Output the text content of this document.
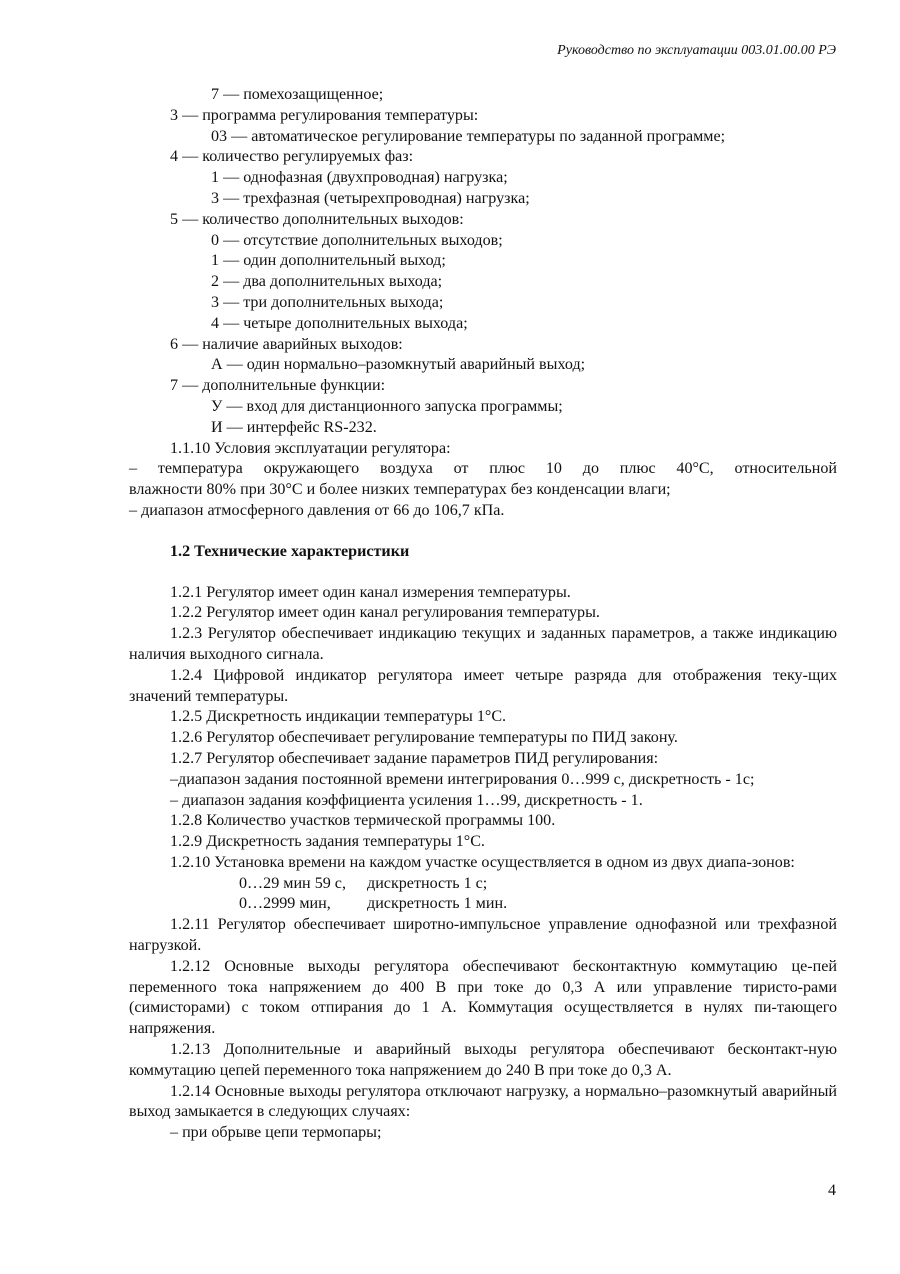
Руководство по эксплуатации 003.01.00.00 РЭ

7 — помехозащищенное;

3 — программа регулирования температуры:

03 — автоматическое регулирование температуры по заданной программе;

4 — количество регулируемых фаз:

1 — однофазная (двухпроводная) нагрузка;

3 — трехфазная (четырехпроводная) нагрузка;

5 — количество дополнительных выходов:

0 — отсутствие дополнительных выходов;

1 — один дополнительный выход;

2 — два дополнительных выхода;

3 — три дополнительных выхода;

4 — четыре дополнительных выхода;

6 — наличие аварийных выходов:

А — один нормально–разомкнутый аварийный выход;

7 — дополнительные функции:

У — вход для дистанционного запуска программы;

И — интерфейс RS-232.

1.1.10 Условия эксплуатации регулятора:

– температура окружающего воздуха от плюс 10 до плюс 40°С, относительной

влажности 80% при 30°С и более низких температурах без конденсации влаги;

– диапазон атмосферного давления от 66 до 106,7 кПа.

1.2 Технические характеристики

1.2.1 Регулятор имеет один канал измерения температуры.

1.2.2 Регулятор имеет один канал регулирования температуры.

1.2.3 Регулятор обеспечивает индикацию текущих и заданных параметров, а также индикацию наличия выходного сигнала.

1.2.4 Цифровой индикатор регулятора имеет четыре разряда для отображения теку-щих значений температуры.

1.2.5 Дискретность индикации температуры 1°С.

1.2.6 Регулятор обеспечивает регулирование температуры по ПИД закону.

1.2.7 Регулятор обеспечивает задание параметров ПИД регулирования:

–диапазон задания постоянной времени интегрирования 0…999 с, дискретность - 1с;

– диапазон задания коэффициента усиления 1…99, дискретность - 1.

1.2.8 Количество участков термической программы 100.

1.2.9 Дискретность задания температуры 1°С.

1.2.10 Установка времени на каждом участке осуществляется в одном из двух диапа-зонов:

0…29 мин 59 с, дискретность 1 с;

0…2999 мин, дискретность 1 мин.

1.2.11 Регулятор обеспечивает широтно-импульсное управление однофазной или трехфазной нагрузкой.

1.2.12 Основные выходы регулятора обеспечивают бесконтактную коммутацию це-пей переменного тока напряжением до 400 В при токе до 0,3 А или управление тиристо-рами (симисторами) с током отпирания до 1 А. Коммутация осуществляется в нулях пи-тающего напряжения.

1.2.13 Дополнительные и аварийный выходы регулятора обеспечивают бесконтакт-ную коммутацию цепей переменного тока напряжением до 240 В при токе до 0,3 А.

1.2.14 Основные выходы регулятора отключают нагрузку, а нормально–разомкнутый аварийный выход замыкается в следующих случаях:

– при обрыве цепи термопары;

4
